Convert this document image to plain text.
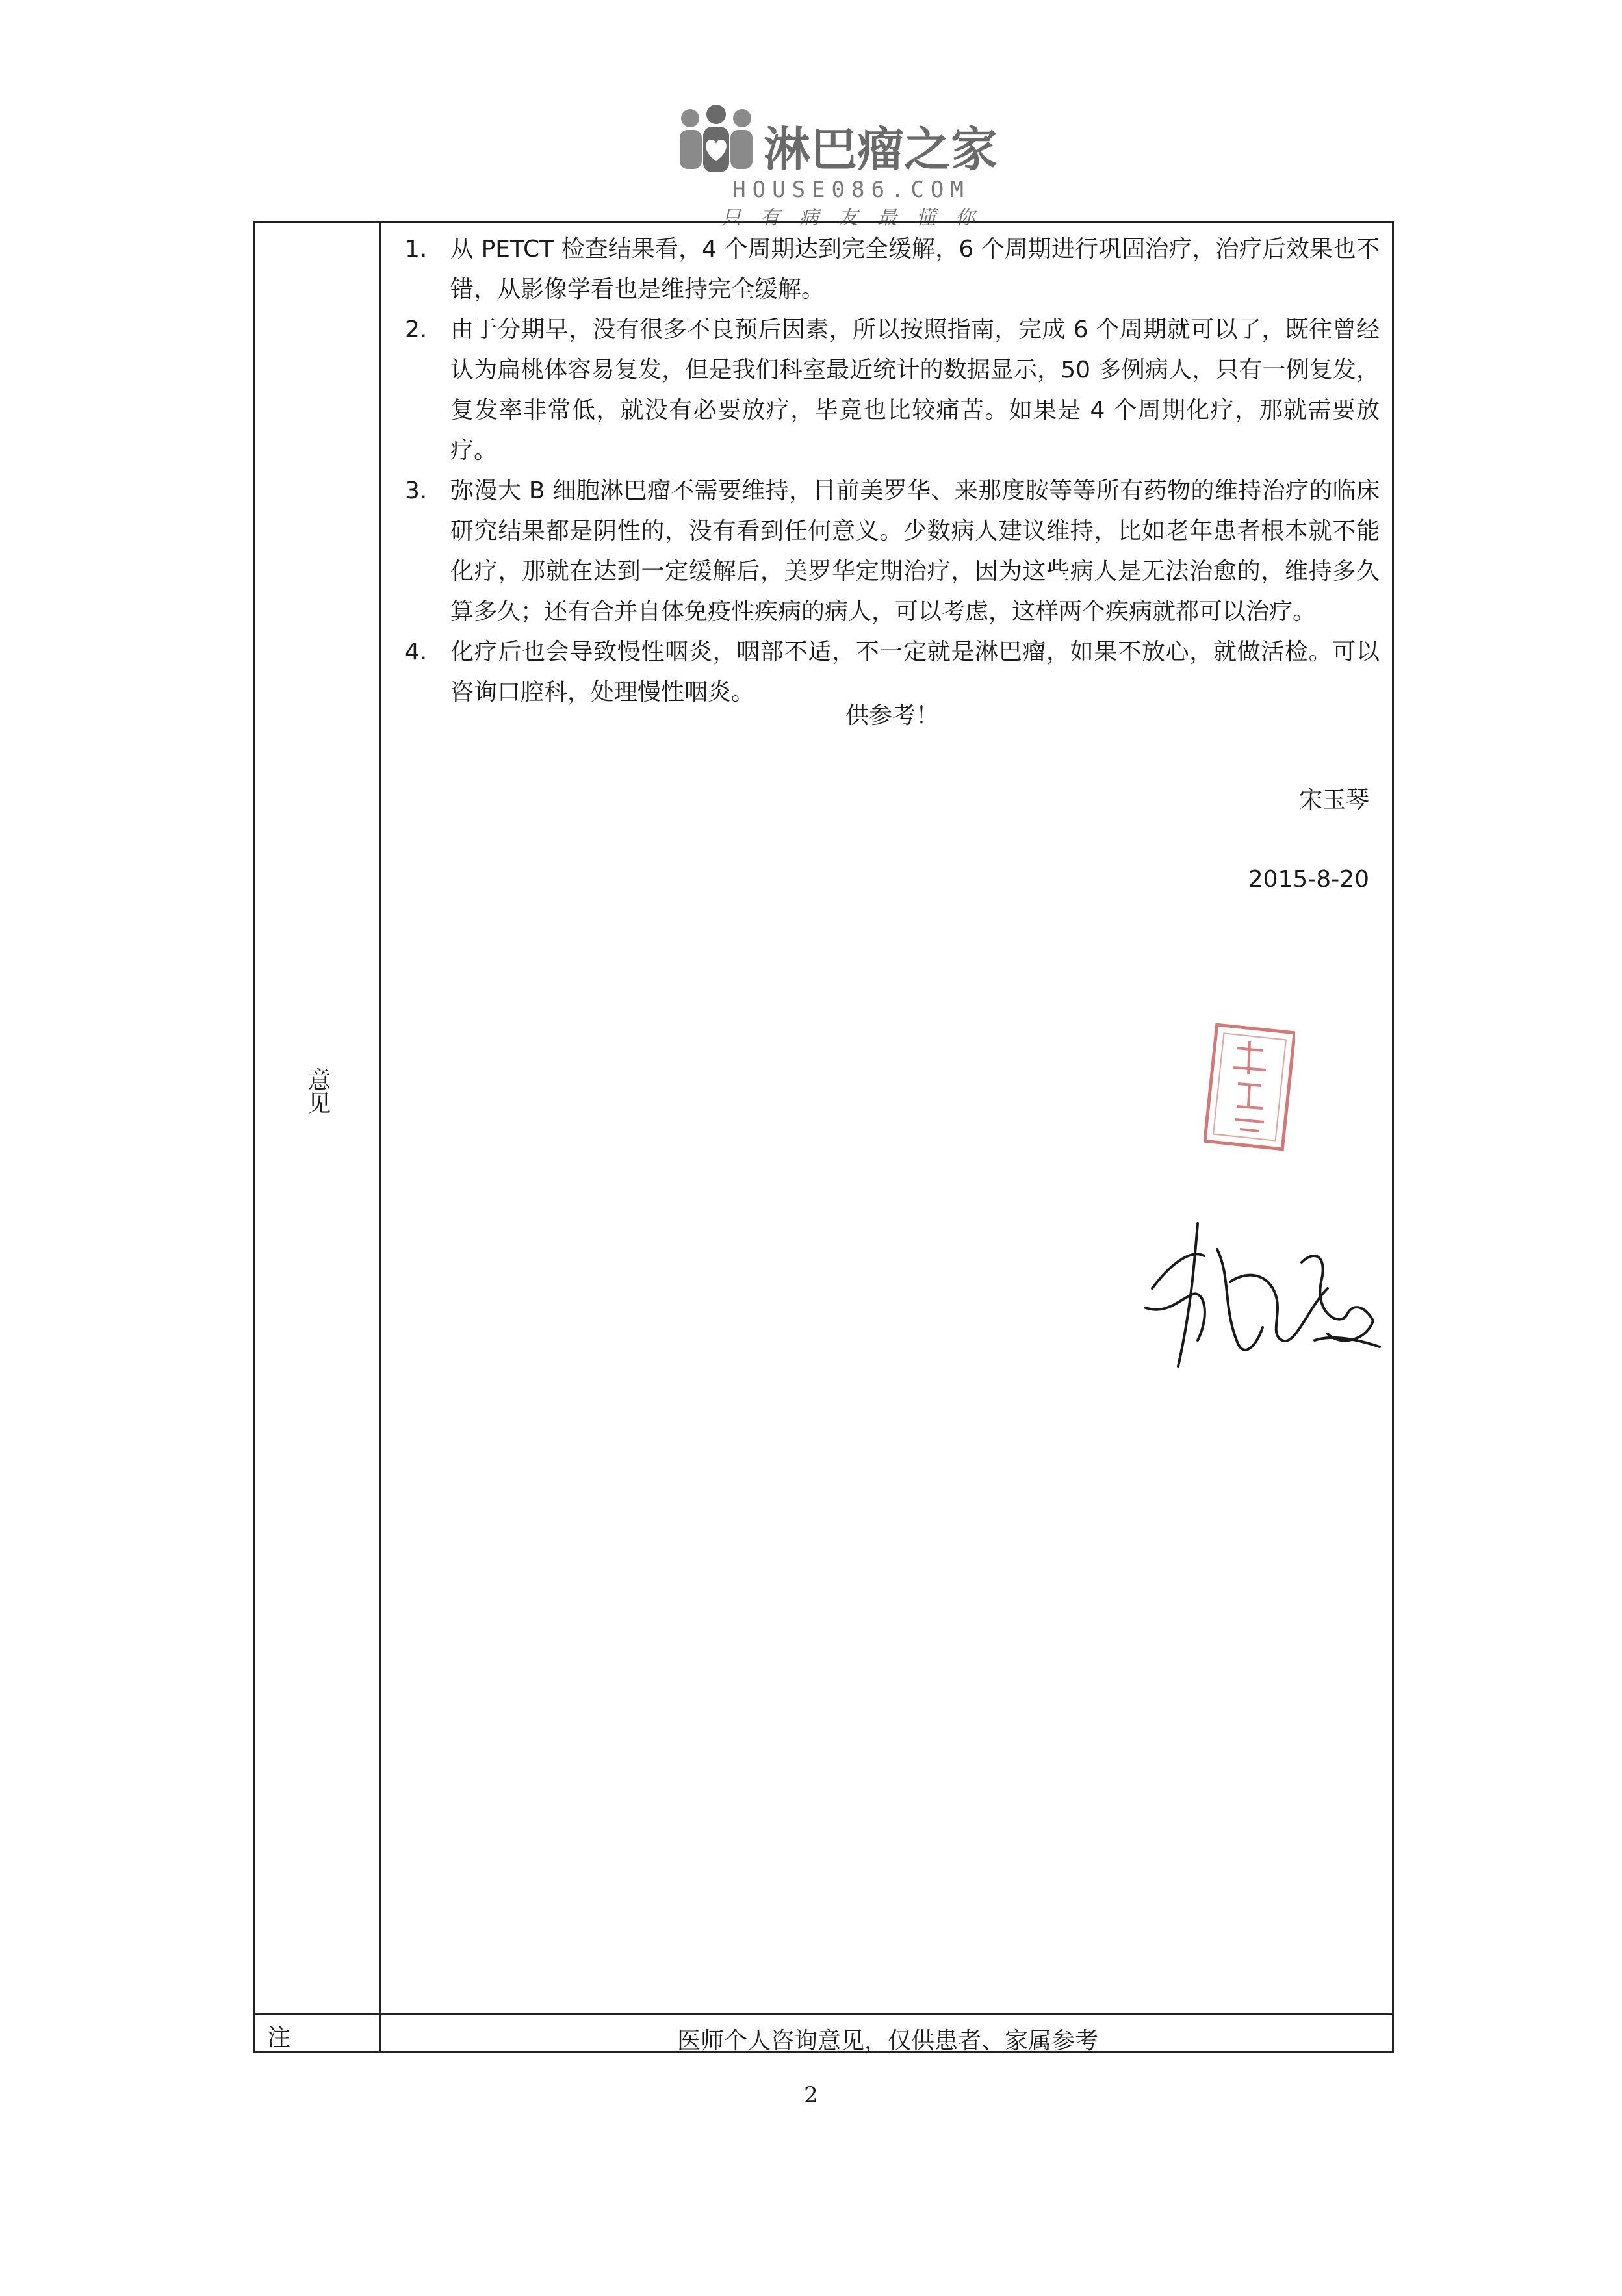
淋巴瘤之家
HOUSE086.COM
只有病友最懂你
意见
1. 从 PETCT 检查结果看，4 个周期达到完全缓解，6 个周期进行巩固治疗，治疗后效果也不错，从影像学看也是维持完全缓解。
2. 由于分期早，没有很多不良预后因素，所以按照指南，完成 6 个周期就可以了，既往曾经认为扁桃体容易复发，但是我们科室最近统计的数据显示，50 多例病人，只有一例复发，复发率非常低，就没有必要放疗，毕竟也比较痛苦。如果是 4 个周期化疗，那就需要放疗。
3. 弥漫大 B 细胞淋巴瘤不需要维持，目前美罗华、来那度胺等等所有药物的维持治疗的临床研究结果都是阴性的，没有看到任何意义。少数病人建议维持，比如老年患者根本就不能化疗，那就在达到一定缓解后，美罗华定期治疗，因为这些病人是无法治愈的，维持多久算多久；还有合并自体免疫性疾病的病人，可以考虑，这样两个疾病就都可以治疗。
4. 化疗后也会导致慢性咽炎，咽部不适，不一定就是淋巴瘤，如果不放心，就做活检。可以咨询口腔科，处理慢性咽炎。
供参考！
宋玉琴
2015-8-20
注	医师个人咨询意见，仅供患者、家属参考
2
